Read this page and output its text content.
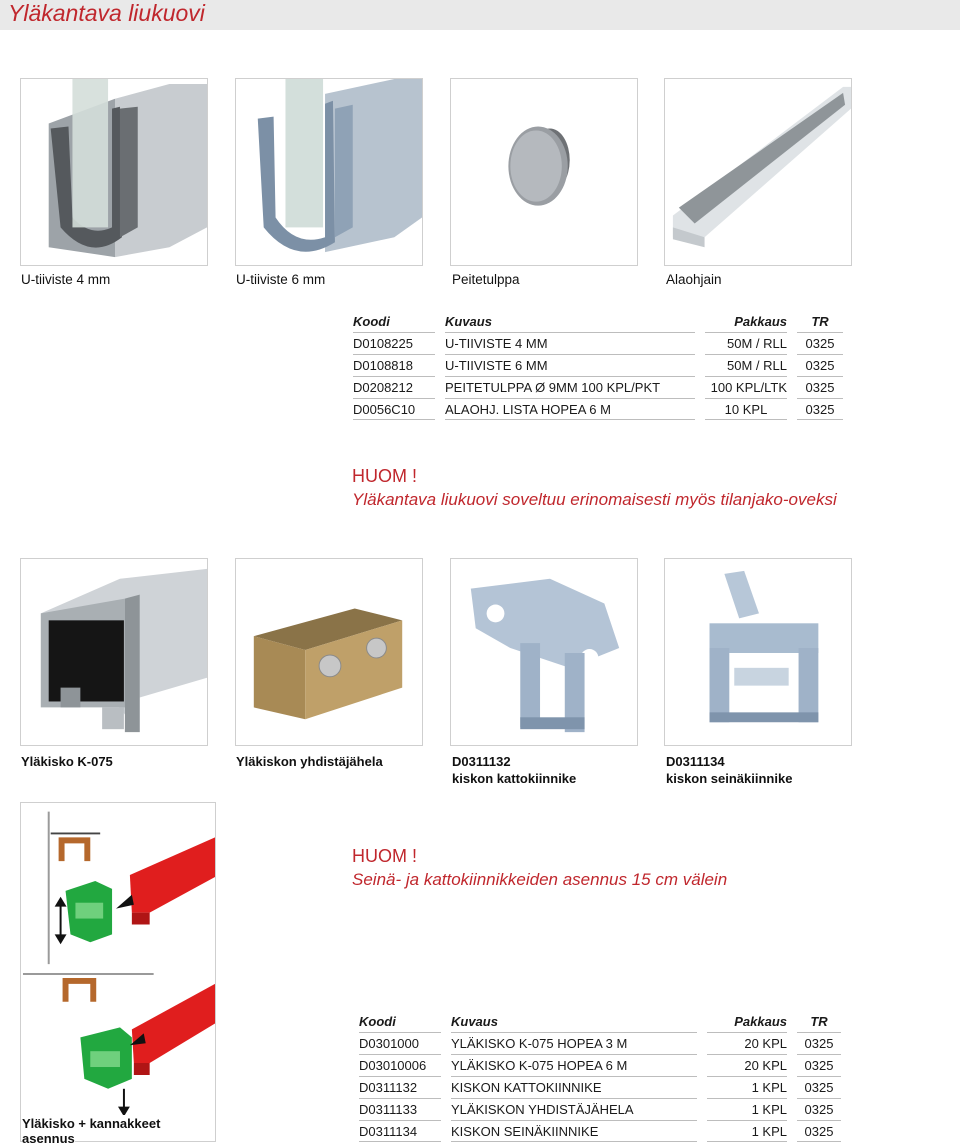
Yläkantava liukuovi
U-tiiviste 4 mm	U-tiiviste 6 mm	Peitetulppa	Alaohjain
Koodi		Kuvaus		Pakkaus		TR
D0108225		U-TIIVISTE 4 MM		50M / RLL		0325
D0108818		U-TIIVISTE 6 MM		50M / RLL		0325
D0208212		PEITETULPPA Ø 9MM 100 KPL/PKT		100 KPL/LTK		0325
D0056C10		ALAOHJ. LISTA HOPEA 6 M		10 KPL		0325
HUOM !
Yläkantava liukuovi soveltuu erinomaisesti myös tilanjako-oveksi
Yläkisko K-075	Yläkiskon yhdistäjähela	D0311132
kiskon kattokiinnike
D0311134
kiskon seinäkiinnike
Yläkisko + kannakkeet
asennus
HUOM !
Seinä- ja kattokiinnikkeiden asennus 15 cm välein
Koodi		Kuvaus		Pakkaus		TR
D0301000		YLÄKISKO K-075 HOPEA 3 M		20 KPL		0325
D03010006		YLÄKISKO K-075 HOPEA 6 M		20 KPL		0325
D0311132		KISKON KATTOKIINNIKE		1 KPL		0325
D0311133		YLÄKISKON YHDISTÄJÄHELA		1 KPL		0325
D0311134		KISKON SEINÄKIINNIKE		1 KPL		0325
